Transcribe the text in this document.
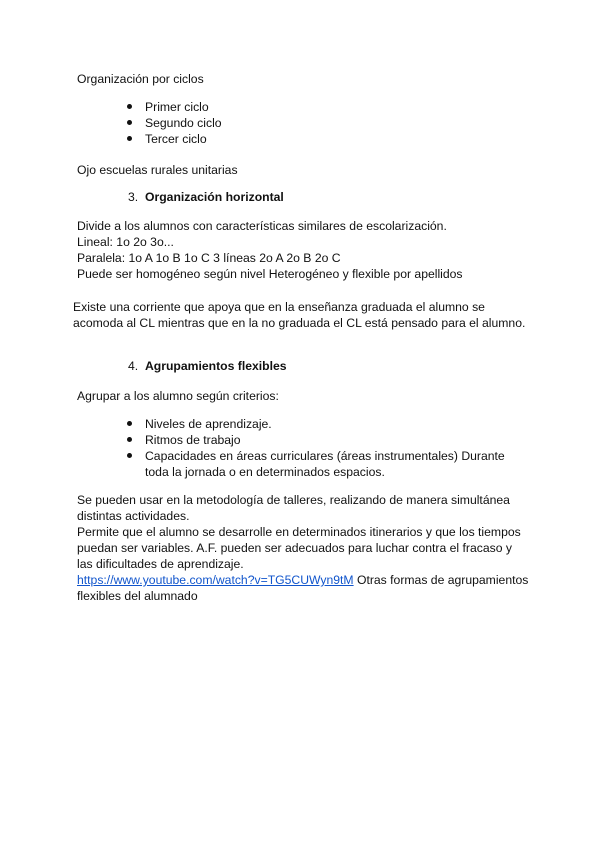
Organización por ciclos
Primer ciclo
Segundo ciclo
Tercer ciclo
Ojo escuelas rurales unitarias
3. Organización horizontal
Divide a los alumnos con características similares de escolarización.
Lineal: 1o 2o 3o...
Paralela: 1o A 1o B 1o C 3 líneas 2o A 2o B 2o C
Puede ser homogéneo según nivel Heterogéneo y flexible por apellidos
Existe una corriente que apoya que en la enseñanza graduada el alumno se
acomoda al CL mientras que en la no graduada el CL está pensado para el alumno.
4. Agrupamientos flexibles
Agrupar a los alumno según criterios:
Niveles de aprendizaje.
Ritmos de trabajo
Capacidades en áreas curriculares (áreas instrumentales) Durante
toda la jornada o en determinados espacios.
Se pueden usar en la metodología de talleres, realizando de manera simultánea
distintas actividades.
Permite que el alumno se desarrolle en determinados itinerarios y que los tiempos
puedan ser variables. A.F. pueden ser adecuados para luchar contra el fracaso y
las dificultades de aprendizaje.
https://www.youtube.com/watch?v=TG5CUWyn9tM Otras formas de agrupamientos
flexibles del alumnado
